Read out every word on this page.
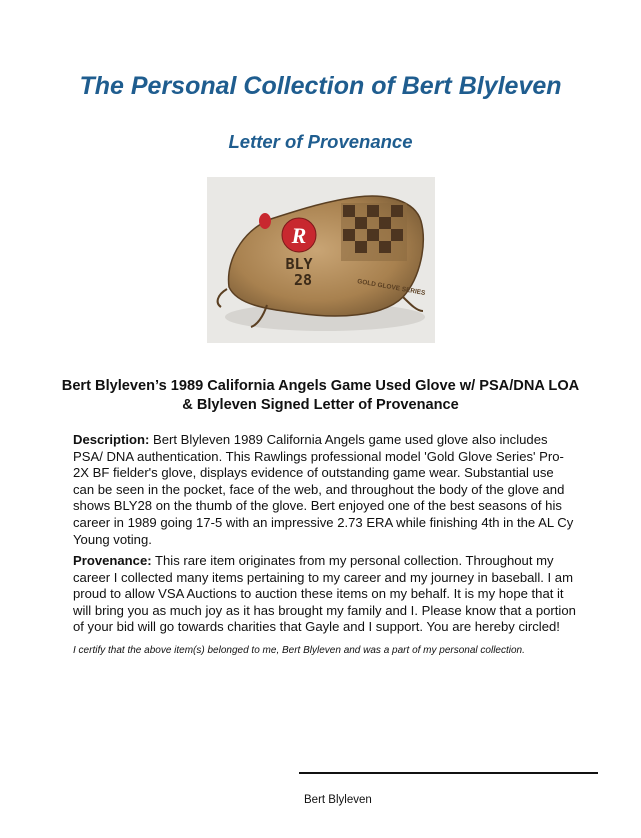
The Personal Collection of Bert Blyleven
Letter of Provenance
R
BLY
28	GOLD GLOVE SERIES

Bert Blyleven’s 1989 California Angels Game Used Glove w/ PSA/DNA LOA & Blyleven Signed Letter of Provenance

Description: Bert Blyleven 1989 California Angels game used glove also includes PSA/ DNA authentication. This Rawlings professional model 'Gold Glove Series' Pro-2X BF fielder's glove, displays evidence of outstanding game wear. Substantial use can be seen in the pocket, face of the web, and throughout the body of the glove and shows BLY28 on the thumb of the glove. Bert enjoyed one of the best seasons of his career in 1989 going 17-5 with an impressive 2.73 ERA while finishing 4th in the AL Cy Young voting.

Provenance: This rare item originates from my personal collection. Throughout my career I collected many items pertaining to my career and my journey in baseball. I am proud to allow VSA Auctions to auction these items on my behalf. It is my hope that it will bring you as much joy as it has brought my family and I. Please know that a portion of your bid will go towards charities that Gayle and I support. You are hereby circled!

I certify that the above item(s) belonged to me, Bert Blyleven and was a part of my personal collection.

Bert Blyleven
